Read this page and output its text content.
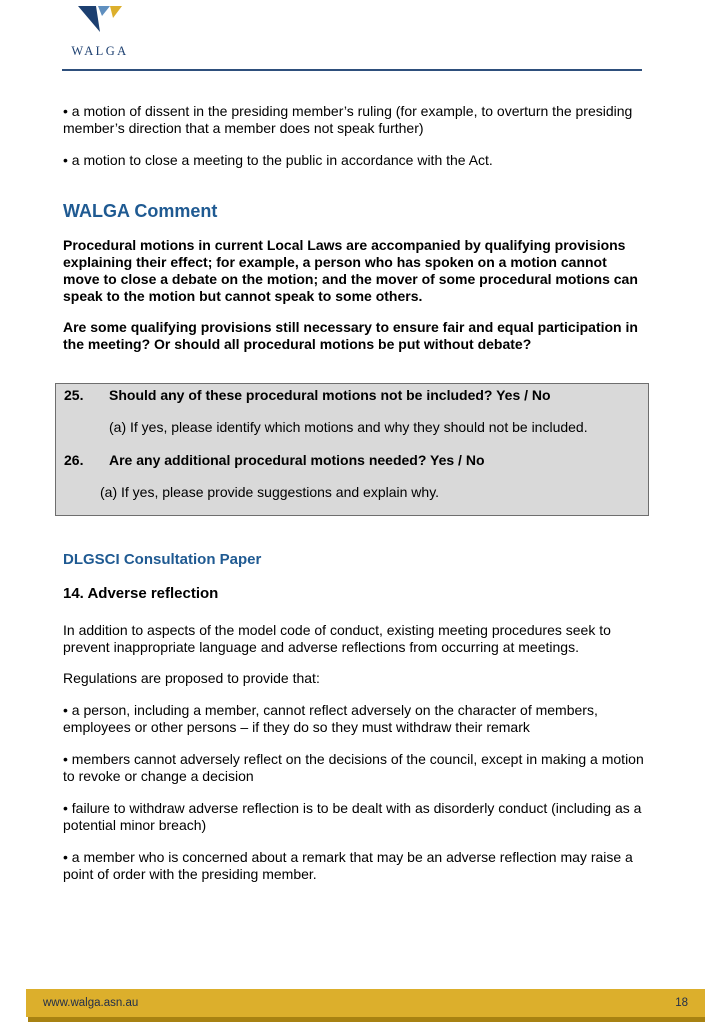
WALGA

• a motion of dissent in the presiding member’s ruling (for example, to overturn the presiding member’s direction that a member does not speak further)

• a motion to close a meeting to the public in accordance with the Act.

WALGA Comment

Procedural motions in current Local Laws are accompanied by qualifying provisions explaining their effect; for example, a person who has spoken on a motion cannot move to close a debate on the motion; and the mover of some procedural motions can speak to the motion but cannot speak to some others.

Are some qualifying provisions still necessary to ensure fair and equal participation in the meeting? Or should all procedural motions be put without debate?

25. Should any of these procedural motions not be included? Yes / No
(a) If yes, please identify which motions and why they should not be included.
26. Are any additional procedural motions needed? Yes / No
(a) If yes, please provide suggestions and explain why.
DLGSCI Consultation Paper
14. Adverse reflection

In addition to aspects of the model code of conduct, existing meeting procedures seek to prevent inappropriate language and adverse reflections from occurring at meetings.

Regulations are proposed to provide that:

• a person, including a member, cannot reflect adversely on the character of members, employees or other persons – if they do so they must withdraw their remark

• members cannot adversely reflect on the decisions of the council, except in making a motion to revoke or change a decision

• failure to withdraw adverse reflection is to be dealt with as disorderly conduct (including as a potential minor breach)

• a member who is concerned about a remark that may be an adverse reflection may raise a point of order with the presiding member.

www.walga.asn.au	18
